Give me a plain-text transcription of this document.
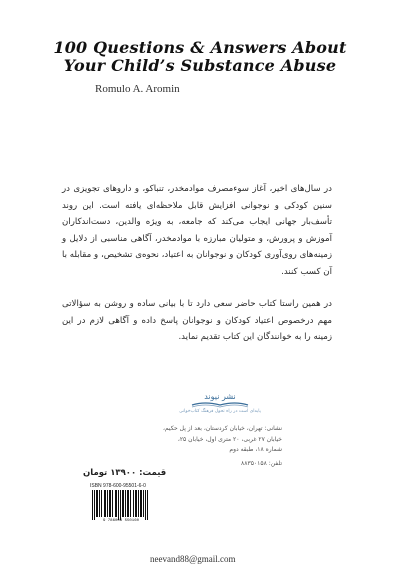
100 Questions & Answers About
Your Child’s Substance Abuse
Romulo A. Aromin

در سال‌های اخیر، آغاز سوءمصرف موادمخدر، تنباکو، و داروهای تجویزی در سنین کودکی و نوجوانی افزایش قابل ملاحظه‌ای یافته است. این روند تأسف‌بار جهانی ایجاب می‌کند که جامعه، به ویژه والدین، دست‌اندکاران آموزش و پرورش، و متولیان مبارزه با موادمخدر، آگاهی مناسبی از دلایل و زمینه‌های روی‌آوری کودکان و نوجوانان به اعتیاد، نحوه‌ی تشخیص، و مقابله با آن کسب کنند.

در همین راستا کتاب حاضر سعی دارد تا با بیانی ساده و روشن به سؤالاتی مهم درخصوص اعتیاد کودکان و نوجوانان پاسخ داده و آگاهی لازم در این زمینه را به خوانندگان این کتاب تقدیم نماید.

نشر نیوند
پایه‌ای است در راه تحول فرهنگ کتاب‌خوانی
نشانی: تهران، خیابان کردستان، بعد از پل حکیم،
خیابان ۲۷ غربی، ۲۰ متری اول، خیابان ۲۵،
شماره ۱۸، طبقه دوم
تلفن: ۸۸۳۵۰۱۵۸
قیمت: ۱۳۹۰۰ تومان
ISBN 978-600-95501-6-0
9 786009 550160
neevand88@gmail.com
